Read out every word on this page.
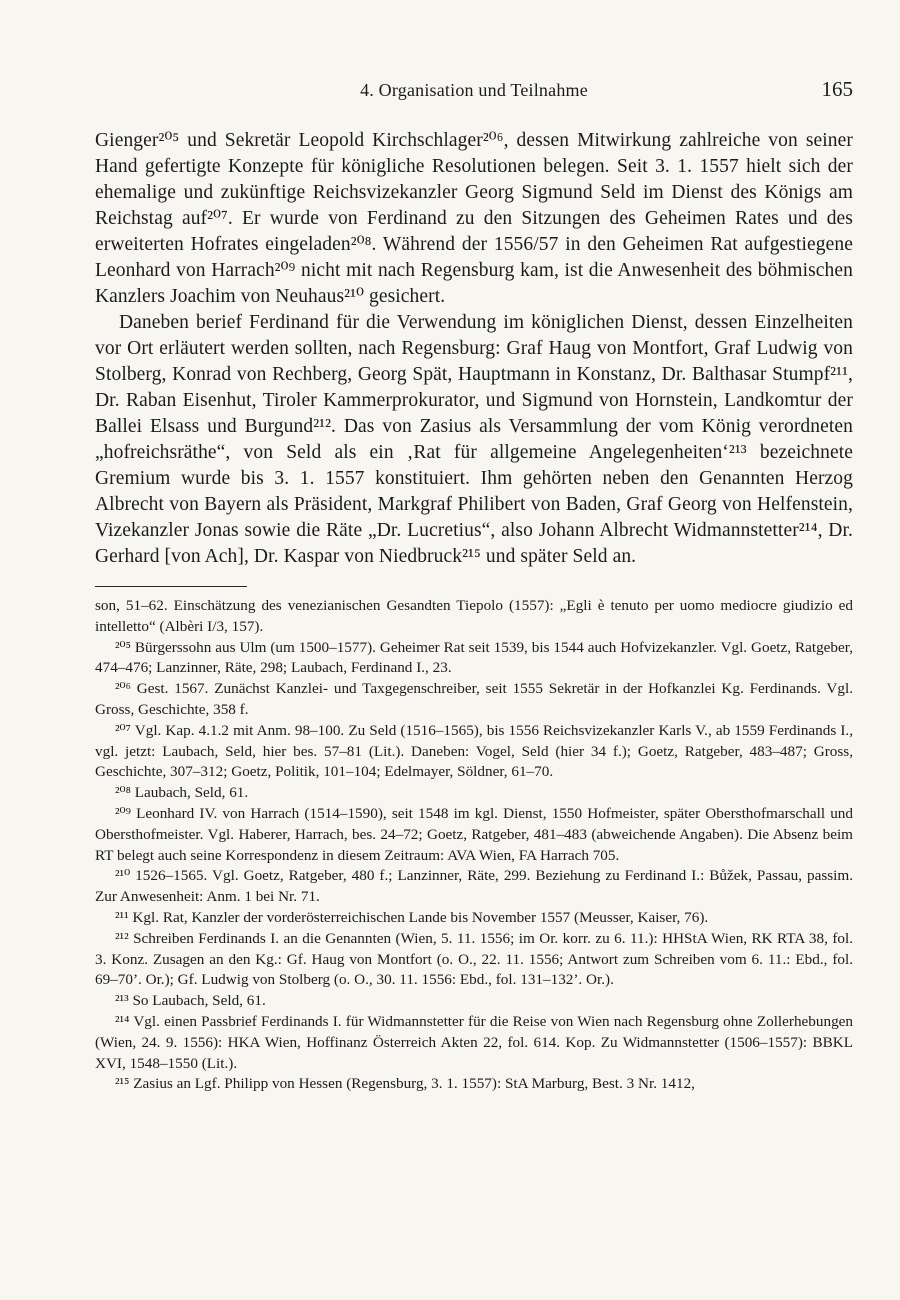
4. Organisation und Teilnahme	165

Gienger²⁰⁵ und Sekretär Leopold Kirchschlager²⁰⁶, dessen Mitwirkung zahlreiche von seiner Hand gefertigte Konzepte für königliche Resolutionen belegen. Seit 3. 1. 1557 hielt sich der ehemalige und zukünftige Reichsvizekanzler Georg Sigmund Seld im Dienst des Königs am Reichstag auf²⁰⁷. Er wurde von Ferdinand zu den Sitzungen des Geheimen Rates und des erweiterten Hofrates eingeladen²⁰⁸. Während der 1556/57 in den Geheimen Rat aufgestiegene Leonhard von Harrach²⁰⁹ nicht mit nach Regensburg kam, ist die Anwesenheit des böhmischen Kanzlers Joachim von Neuhaus²¹⁰ gesichert.

Daneben berief Ferdinand für die Verwendung im königlichen Dienst, dessen Einzelheiten vor Ort erläutert werden sollten, nach Regensburg: Graf Haug von Montfort, Graf Ludwig von Stolberg, Konrad von Rechberg, Georg Spät, Hauptmann in Konstanz, Dr. Balthasar Stumpf²¹¹, Dr. Raban Eisenhut, Tiroler Kammerprokurator, und Sigmund von Hornstein, Landkomtur der Ballei Elsass und Burgund²¹². Das von Zasius als Versammlung der vom König verordneten „hofreichsräthe“, von Seld als ein ‚Rat für allgemeine Angelegenheiten‘²¹³ bezeichnete Gremium wurde bis 3. 1. 1557 konstituiert. Ihm gehörten neben den Genannten Herzog Albrecht von Bayern als Präsident, Markgraf Philibert von Baden, Graf Georg von Helfenstein, Vizekanzler Jonas sowie die Räte „Dr. Lucretius“, also Johann Albrecht Widmannstetter²¹⁴, Dr. Gerhard [von Ach], Dr. Kaspar von Niedbruck²¹⁵ und später Seld an.

son, 51–62. Einschätzung des venezianischen Gesandten Tiepolo (1557): „Egli è tenuto per uomo mediocre giudizio ed intelletto“ (Albèri I/3, 157).

²⁰⁵ Bürgerssohn aus Ulm (um 1500–1577). Geheimer Rat seit 1539, bis 1544 auch Hofvizekanzler. Vgl. Goetz, Ratgeber, 474–476; Lanzinner, Räte, 298; Laubach, Ferdinand I., 23.

²⁰⁶ Gest. 1567. Zunächst Kanzlei- und Taxgegenschreiber, seit 1555 Sekretär in der Hofkanzlei Kg. Ferdinands. Vgl. Gross, Geschichte, 358 f.

²⁰⁷ Vgl. Kap. 4.1.2 mit Anm. 98–100. Zu Seld (1516–1565), bis 1556 Reichsvizekanzler Karls V., ab 1559 Ferdinands I., vgl. jetzt: Laubach, Seld, hier bes. 57–81 (Lit.). Daneben: Vogel, Seld (hier 34 f.); Goetz, Ratgeber, 483–487; Gross, Geschichte, 307–312; Goetz, Politik, 101–104; Edelmayer, Söldner, 61–70.

²⁰⁸ Laubach, Seld, 61.

²⁰⁹ Leonhard IV. von Harrach (1514–1590), seit 1548 im kgl. Dienst, 1550 Hofmeister, später Obersthofmarschall und Obersthofmeister. Vgl. Haberer, Harrach, bes. 24–72; Goetz, Ratgeber, 481–483 (abweichende Angaben). Die Absenz beim RT belegt auch seine Korrespondenz in diesem Zeitraum: AVA Wien, FA Harrach 705.

²¹⁰ 1526–1565. Vgl. Goetz, Ratgeber, 480 f.; Lanzinner, Räte, 299. Beziehung zu Ferdinand I.: Bůžek, Passau, passim. Zur Anwesenheit: Anm. 1 bei Nr. 71.

²¹¹ Kgl. Rat, Kanzler der vorderösterreichischen Lande bis November 1557 (Meusser, Kaiser, 76).

²¹² Schreiben Ferdinands I. an die Genannten (Wien, 5. 11. 1556; im Or. korr. zu 6. 11.): HHStA Wien, RK RTA 38, fol. 3. Konz. Zusagen an den Kg.: Gf. Haug von Montfort (o. O., 22. 11. 1556; Antwort zum Schreiben vom 6. 11.: Ebd., fol. 69–70’. Or.); Gf. Ludwig von Stolberg (o. O., 30. 11. 1556: Ebd., fol. 131–132’. Or.).

²¹³ So Laubach, Seld, 61.

²¹⁴ Vgl. einen Passbrief Ferdinands I. für Widmannstetter für die Reise von Wien nach Regensburg ohne Zollerhebungen (Wien, 24. 9. 1556): HKA Wien, Hoffinanz Österreich Akten 22, fol. 614. Kop. Zu Widmannstetter (1506–1557): BBKL XVI, 1548–1550 (Lit.).

²¹⁵ Zasius an Lgf. Philipp von Hessen (Regensburg, 3. 1. 1557): StA Marburg, Best. 3 Nr. 1412,
